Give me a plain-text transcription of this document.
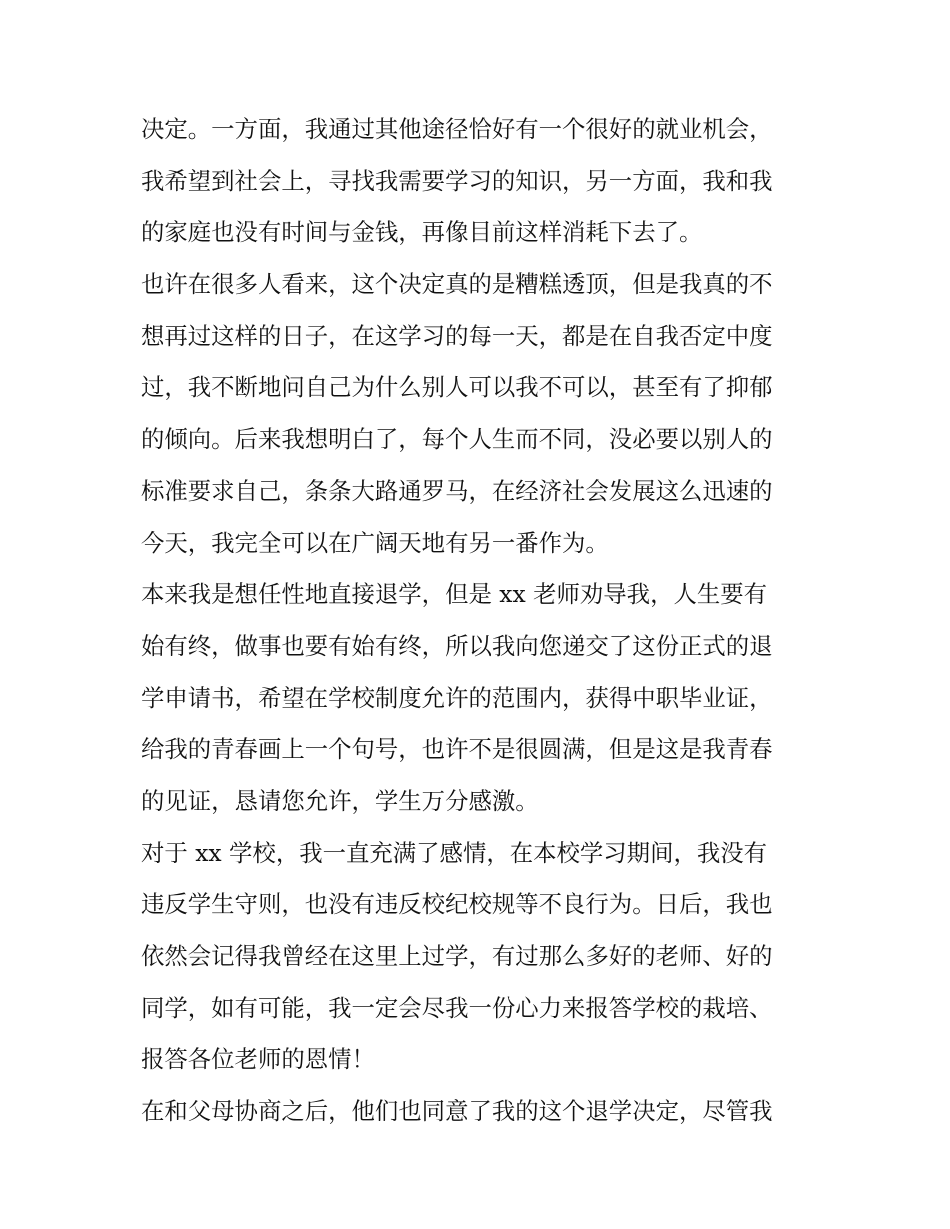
决定。一方面，我通过其他途径恰好有一个很好的就业机会，
我希望到社会上，寻找我需要学习的知识，另一方面，我和我
的家庭也没有时间与金钱，再像目前这样消耗下去了。
也许在很多人看来，这个决定真的是糟糕透顶，但是我真的不
想再过这样的日子，在这学习的每一天，都是在自我否定中度
过，我不断地问自己为什么别人可以我不可以，甚至有了抑郁
的倾向。后来我想明白了，每个人生而不同，没必要以别人的
标准要求自己，条条大路通罗马，在经济社会发展这么迅速的
今天，我完全可以在广阔天地有另一番作为。
本来我是想任性地直接退学，但是 xx 老师劝导我，人生要有
始有终，做事也要有始有终，所以我向您递交了这份正式的退
学申请书，希望在学校制度允许的范围内，获得中职毕业证，
给我的青春画上一个句号，也许不是很圆满，但是这是我青春
的见证，恳请您允许，学生万分感激。
对于 xx 学校，我一直充满了感情，在本校学习期间，我没有
违反学生守则，也没有违反校纪校规等不良行为。日后，我也
依然会记得我曾经在这里上过学，有过那么多好的老师、好的
同学，如有可能，我一定会尽我一份心力来报答学校的栽培、
报答各位老师的恩情！
在和父母协商之后，他们也同意了我的这个退学决定，尽管我
